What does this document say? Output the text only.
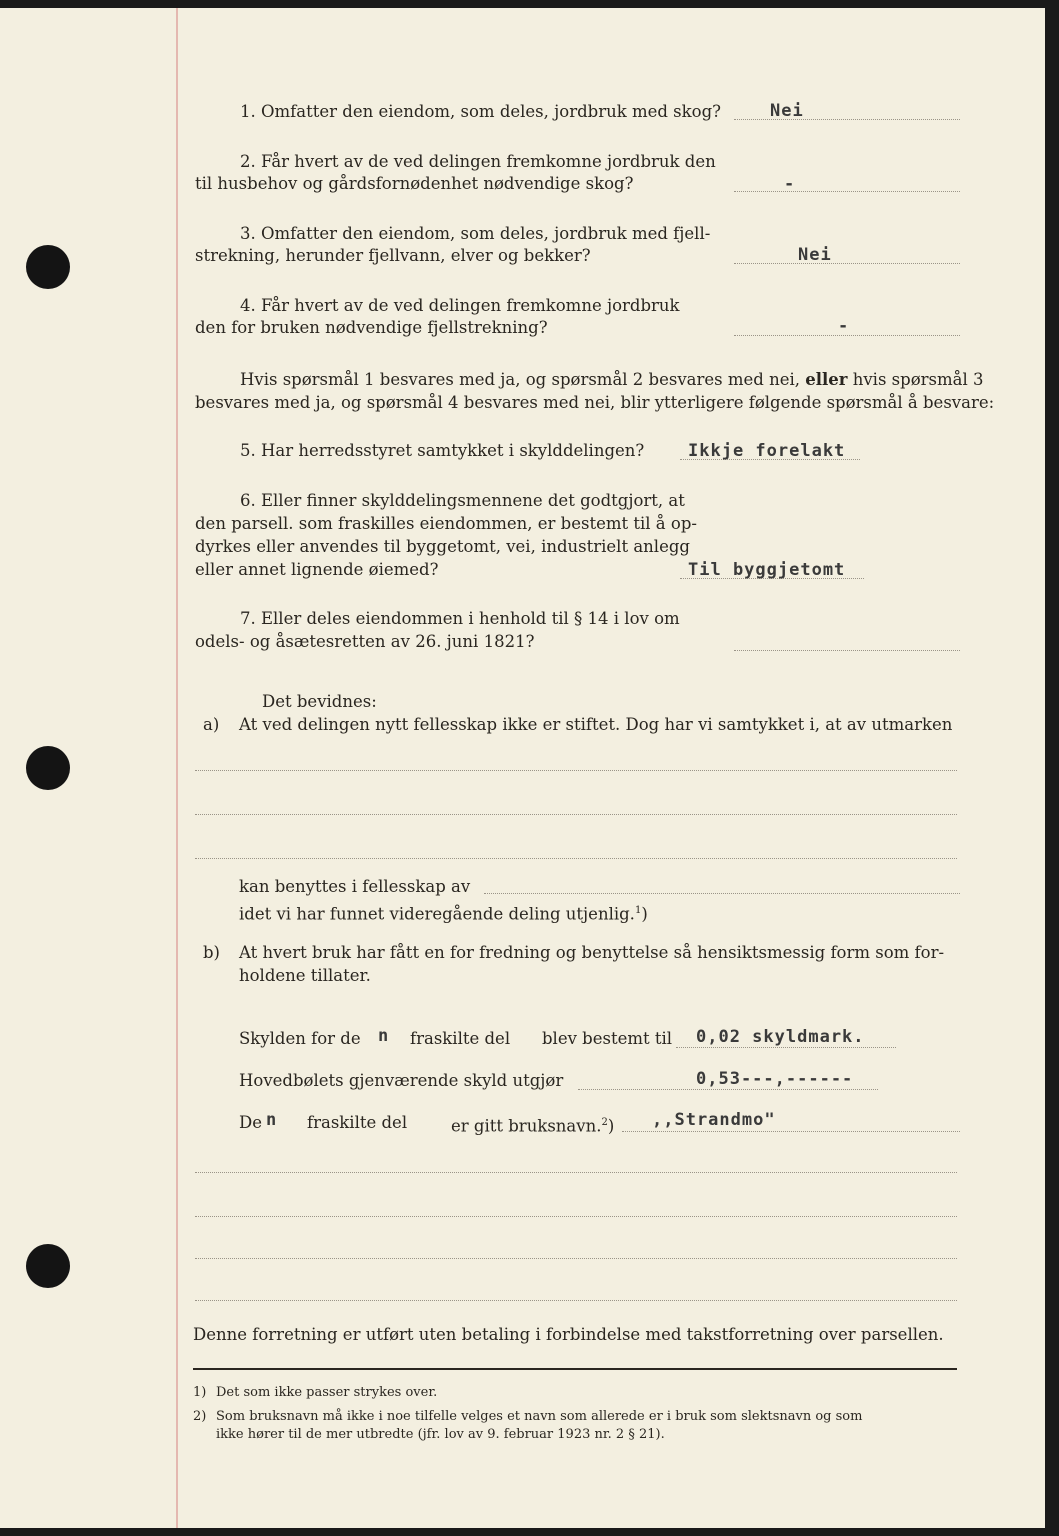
1. Omfatter den eiendom, som deles, jordbruk med skog?	Nei
2. Får hvert av de ved delingen fremkomne jordbruk den
til husbehov og gårdsfornødenhet nødvendige skog?	-
3. Omfatter den eiendom, som deles, jordbruk med fjell-
strekning, herunder fjellvann, elver og bekker?	Nei
4. Får hvert av de ved delingen fremkomne jordbruk
den for bruken nødvendige fjellstrekning?	-
Hvis spørsmål 1 besvares med ja, og spørsmål 2 besvares med nei, eller hvis spørsmål 3
besvares med ja, og spørsmål 4 besvares med nei, blir ytterligere følgende spørsmål å besvare:
5. Har herredsstyret samtykket i skylddelingen?	Ikkje forelakt
6. Eller finner skylddelingsmennene det godtgjort, at
den parsell. som fraskilles eiendommen, er bestemt til å op-
dyrkes eller anvendes til byggetomt, vei, industrielt anlegg
eller annet lignende øiemed?	Til byggjetomt
7. Eller deles eiendommen i henhold til § 14 i lov om
odels- og åsætesretten av 26. juni 1821?
Det bevidnes:
a) At ved delingen nytt fellesskap ikke er stiftet. Dog har vi samtykket i, at av utmarken
kan benyttes i fellesskap av
idet vi har funnet videregående deling utjenlig.$^1$)
b) At hvert bruk har fått en for fredning og benyttelse så hensiktsmessig form som for-
holdene tillater.
Skylden for de n fraskilte del blev bestemt til 0,02 skyldmark.
Hovedbølets gjenværende skyld utgjør	0,53---,------
De n fraskilte del	er gitt bruksnavn.$^2$) ,,Strandmo"
Denne forretning er utført uten betaling i forbindelse med takstforretning over parsellen.
1) Det som ikke passer strykes over.
2) Som bruksnavn må ikke i noe tilfelle velges et navn som allerede er i bruk som slektsnavn og som
ikke hører til de mer utbredte (jfr. lov av 9. februar 1923 nr. 2 § 21).
